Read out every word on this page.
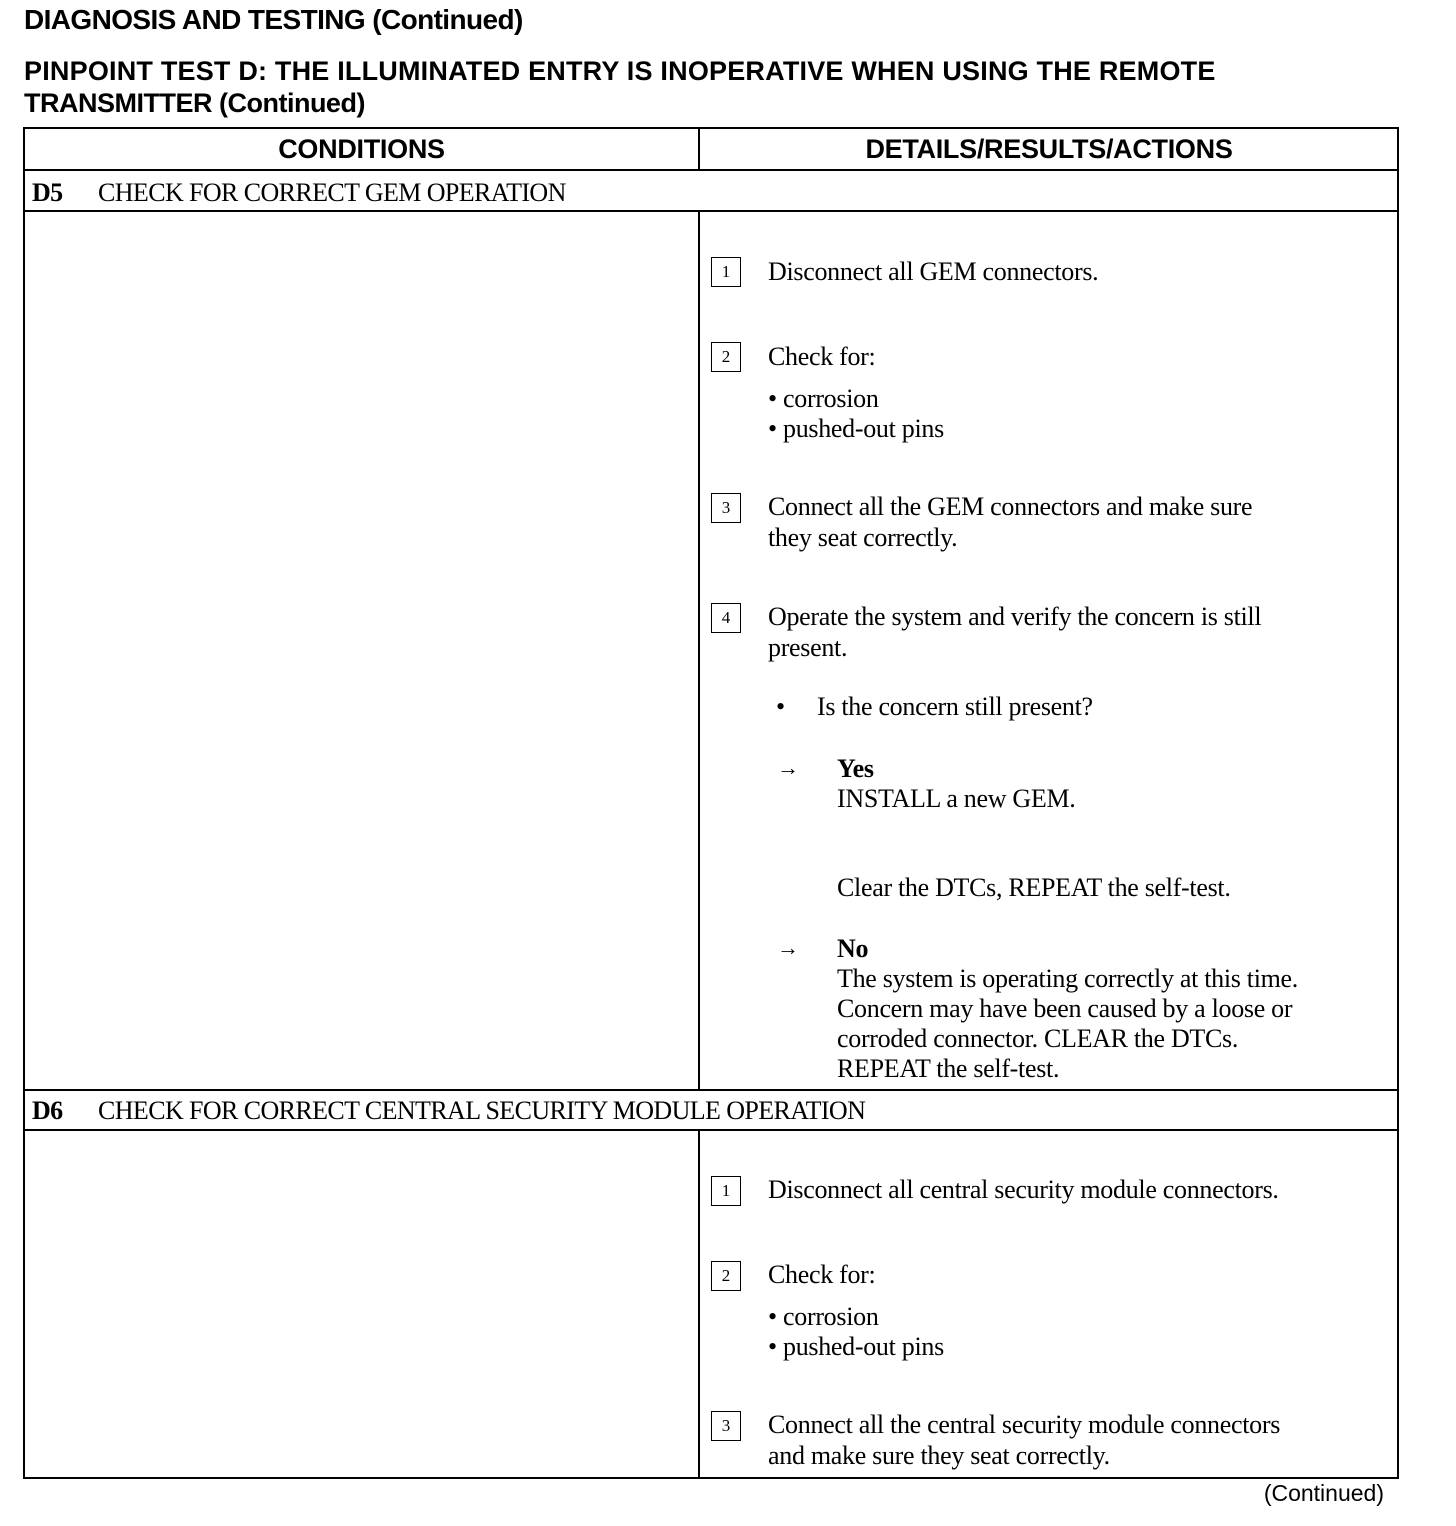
DIAGNOSIS AND TESTING (Continued)
PINPOINT TEST D: THE ILLUMINATED ENTRY IS INOPERATIVE WHEN USING THE REMOTE
TRANSMITTER (Continued)
CONDITIONS	DETAILS/RESULTS/ACTIONS
D5 CHECK FOR CORRECT GEM OPERATION
1	Disconnect all GEM connectors.
2	Check for:
• corrosion
• pushed-out pins
3	Connect all the GEM connectors and make sure
they seat correctly.
4	Operate the system and verify the concern is still
present.
• Is the concern still present?
→ Yes
INSTALL a new GEM.
Clear the DTCs, REPEAT the self-test.
→ No
The system is operating correctly at this time.
Concern may have been caused by a loose or
corroded connector. CLEAR the DTCs.
REPEAT the self-test.
D6 CHECK FOR CORRECT CENTRAL SECURITY MODULE OPERATION
1	Disconnect all central security module connectors.
2	Check for:
• corrosion
• pushed-out pins
3	Connect all the central security module connectors
and make sure they seat correctly.
(Continued)
